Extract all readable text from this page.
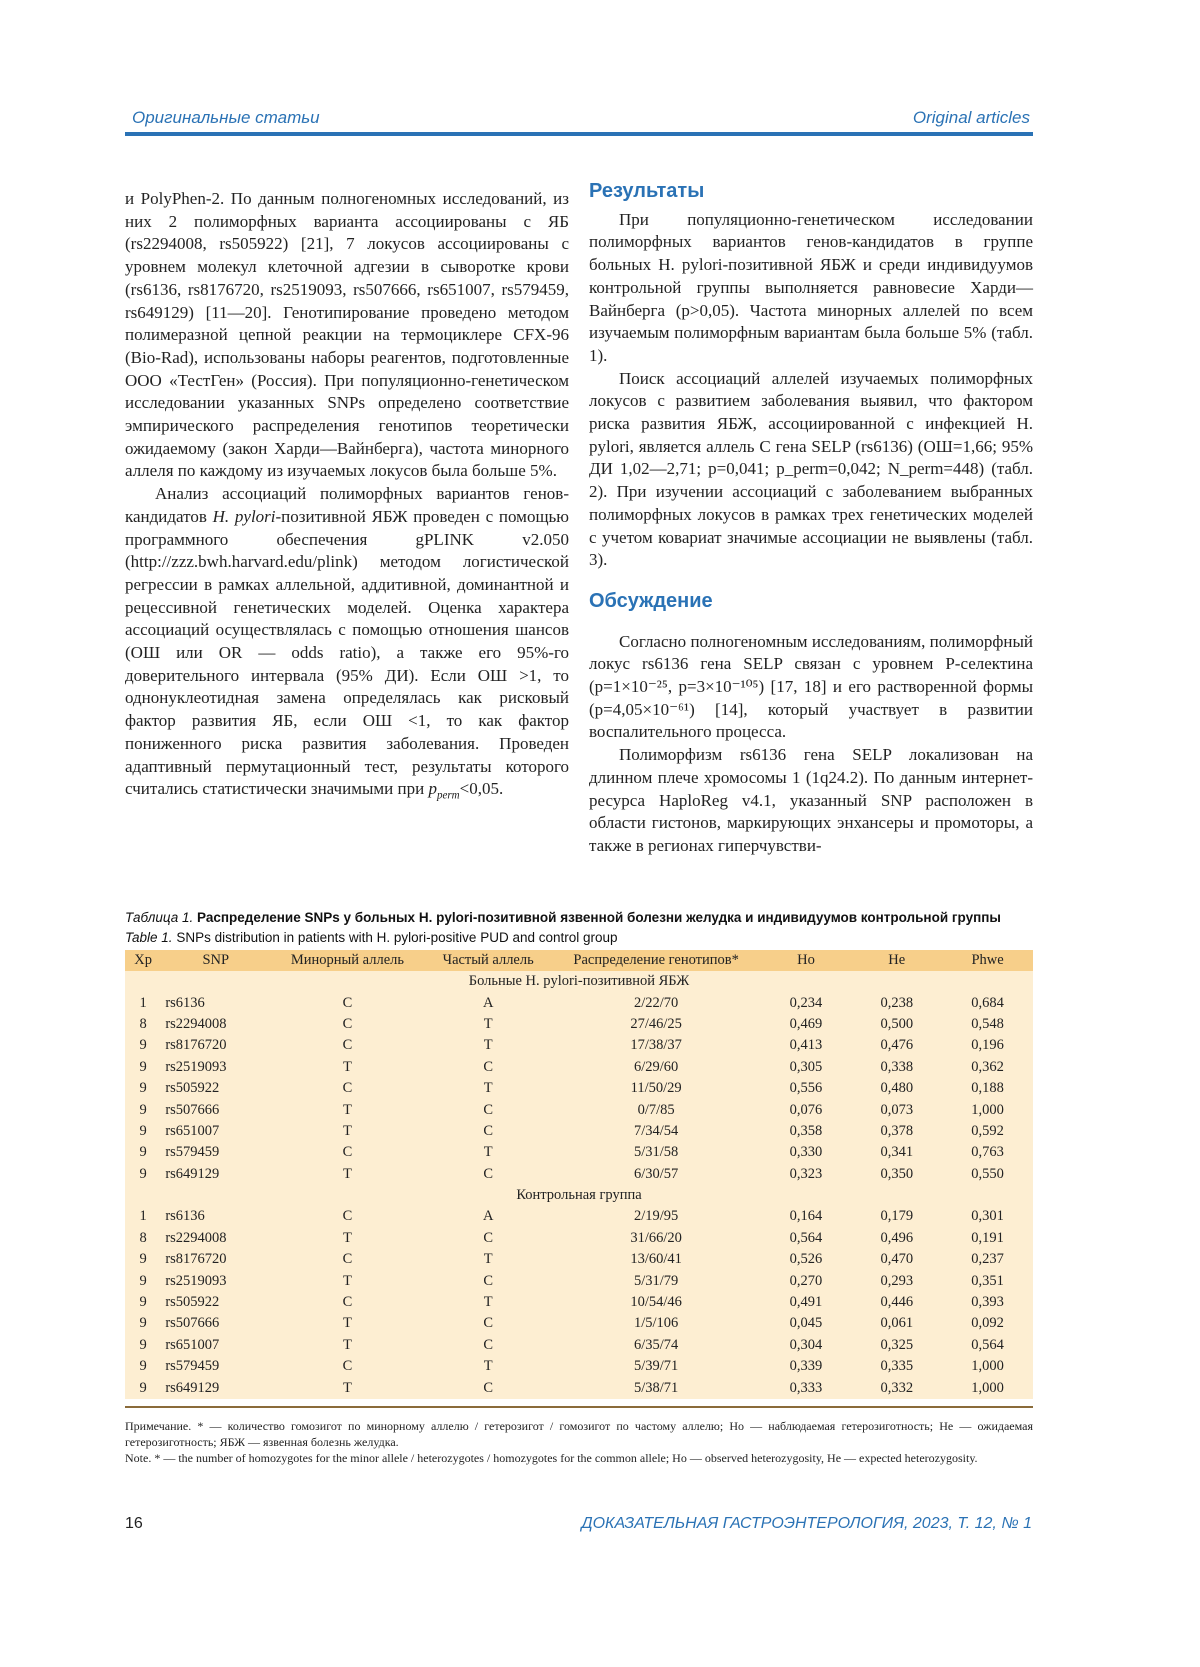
Оригинальные статьи	Original articles

и PolyPhen-2. По данным полногеномных исследований, из них 2 полиморфных варианта ассоциированы с ЯБ (rs2294008, rs505922) [21], 7 локусов ассоциированы с уровнем молекул клеточной адгезии в сыворотке крови (rs6136, rs8176720, rs2519093, rs507666, rs651007, rs579459, rs649129) [11—20]. Генотипирование проведено методом полимеразной цепной реакции на термоциклере CFX-96 (Bio-Rad), использованы наборы реагентов, подготовленные ООО «ТестГен» (Россия). При популяционно-генетическом исследовании указанных SNPs определено соответствие эмпирического распределения генотипов теоретически ожидаемому (закон Харди—Вайнберга), частота минорного аллеля по каждому из изучаемых локусов была больше 5%.

Анализ ассоциаций полиморфных вариантов генов-кандидатов H. pylori-позитивной ЯБЖ проведен с помощью программного обеспечения gPLINK v2.050 (http://zzz.bwh.harvard.edu/plink) методом логистической регрессии в рамках аллельной, аддитивной, доминантной и рецессивной генетических моделей. Оценка характера ассоциаций осуществлялась с помощью отношения шансов (ОШ или OR — odds ratio), а также его 95%-го доверительного интервала (95% ДИ). Если ОШ >1, то однонуклеотидная замена определялась как рисковый фактор развития ЯБ, если ОШ <1, то как фактор пониженного риска развития заболевания. Проведен адаптивный пермутационный тест, результаты которого считались статистически значимыми при $p_{perm}<0,05$.

Результаты

При популяционно-генетическом исследовании полиморфных вариантов генов-кандидатов в группе больных H. pylori-позитивной ЯБЖ и среди индивидуумов контрольной группы выполняется равновесие Харди—Вайнберга (p>0,05). Частота минорных аллелей по всем изучаемым полиморфным вариантам была больше 5% (табл. 1).

Поиск ассоциаций аллелей изучаемых полиморфных локусов с развитием заболевания выявил, что фактором риска развития ЯБЖ, ассоциированной с инфекцией H. pylori, является аллель С гена SELP (rs6136) (ОШ=1,66; 95% ДИ 1,02—2,71; p=0,041; p_perm=0,042; N_perm=448) (табл. 2). При изучении ассоциаций с заболеванием выбранных полиморфных локусов в рамках трех генетических моделей с учетом ковариат значимые ассоциации не выявлены (табл. 3).

Обсуждение

Согласно полногеномным исследованиям, полиморфный локус rs6136 гена SELP связан с уровнем Р-селектина (p=1×10⁻²⁵, p=3×10⁻¹⁰⁵) [17, 18] и его растворенной формы (p=4,05×10⁻⁶¹) [14], который участвует в развитии воспалительного процесса.

Полиморфизм rs6136 гена SELP локализован на длинном плече хромосомы 1 (1q24.2). По данным интернет-ресурса HaploReg v4.1, указанный SNP расположен в области гистонов, маркирующих энхансеры и промоторы, а также в регионах гиперчувстви-

Таблица 1. Распределение SNPs у больных H. pylori-позитивной язвенной болезни желудка и индивидуумов контрольной группы
Table 1. SNPs distribution in patients with H. pylori-positive PUD and control group
Хр	SNP	Минорный аллель	Частый аллель	Распределение генотипов*	Ho	He	Phwe
Больные H. pylori-позитивной ЯБЖ							
1	rs6136	C	A	2/22/70	0,234	0,238	0,684
8	rs2294008	C	T	27/46/25	0,469	0,500	0,548
9	rs8176720	C	T	17/38/37	0,413	0,476	0,196
9	rs2519093	T	C	6/29/60	0,305	0,338	0,362
9	rs505922	C	T	11/50/29	0,556	0,480	0,188
9	rs507666	T	C	0/7/85	0,076	0,073	1,000
9	rs651007	T	C	7/34/54	0,358	0,378	0,592
9	rs579459	C	T	5/31/58	0,330	0,341	0,763
9	rs649129	T	C	6/30/57	0,323	0,350	0,550
Контрольная группа							
1	rs6136	C	A	2/19/95	0,164	0,179	0,301
8	rs2294008	T	C	31/66/20	0,564	0,496	0,191
9	rs8176720	C	T	13/60/41	0,526	0,470	0,237
9	rs2519093	T	C	5/31/79	0,270	0,293	0,351
9	rs505922	C	T	10/54/46	0,491	0,446	0,393
9	rs507666	T	C	1/5/106	0,045	0,061	0,092
9	rs651007	T	C	6/35/74	0,304	0,325	0,564
9	rs579459	C	T	5/39/71	0,339	0,335	1,000
9	rs649129	T	C	5/38/71	0,333	0,332	1,000
Примечание. * — количество гомозигот по минорному аллелю / гетерозигот / гомозигот по частому аллелю; Ho — наблюдаемая гетерозиготность; He — ожидаемая гетерозиготность; ЯБЖ — язвенная болезнь желудка.
Note. * — the number of homozygotes for the minor allele / heterozygotes / homozygotes for the common allele; Ho — observed heterozygosity, He — expected heterozygosity.
16	ДОКАЗАТЕЛЬНАЯ ГАСТРОЭНТЕРОЛОГИЯ, 2023, Т. 12, № 1
